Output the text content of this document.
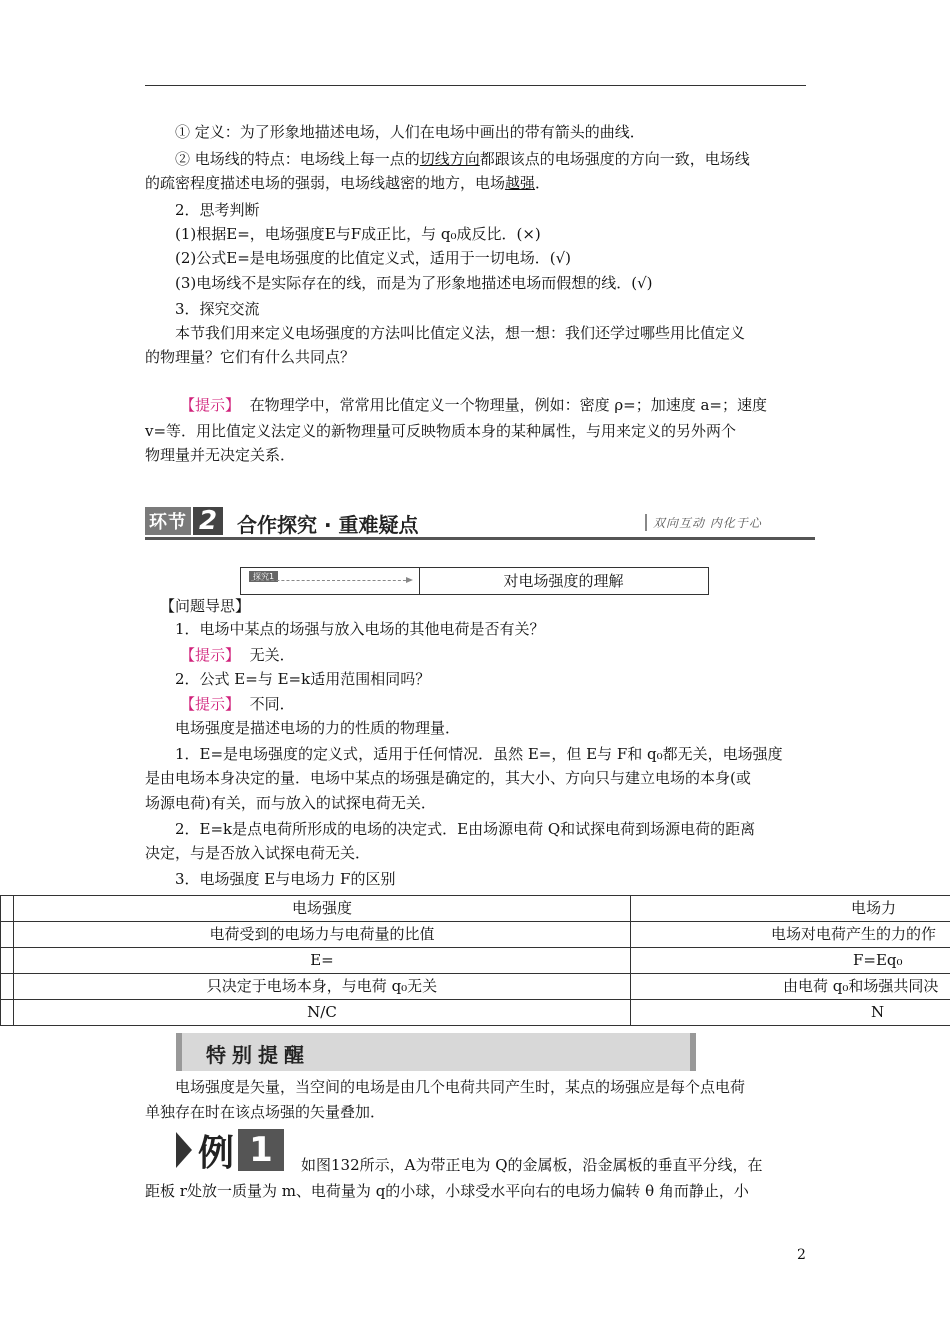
① 定义：为了形象地描述电场，人们在电场中画出的带有箭头的曲线．
② 电场线的特点：电场线上每一点的切线方向都跟该点的电场强度的方向一致，电场线
的疏密程度描述电场的强弱，电场线越密的地方，电场越强．
2．思考判断
(1)根据E=，电场强度E与F成正比，与 q₀成反比．(×)
(2)公式E=是电场强度的比值定义式，适用于一切电场．(√)
(3)电场线不是实际存在的线，而是为了形象地描述电场而假想的线．(√)
3．探究交流
本节我们用来定义电场强度的方法叫比值定义法，想一想：我们还学过哪些用比值定义
的物理量？它们有什么共同点？
【提示】 在物理学中，常常用比值定义一个物理量，例如：密度 ρ=；加速度 a=；速度
v=等．用比值定义法定义的新物理量可反映物质本身的某种属性，与用来定义的另外两个
物理量并无决定关系．
环节 2 合作探究 · 重难疑点	双向互动 内化于心
探究1	对电场强度的理解
【问题导思】
1．电场中某点的场强与放入电场的其他电荷是否有关？
【提示】 无关．
2．公式 E=与 E=k适用范围相同吗？
【提示】 不同．
电场强度是描述电场的力的性质的物理量．
1．E=是电场强度的定义式，适用于任何情况．虽然 E=，但 E与 F和 q₀都无关，电场强度
是由电场本身决定的量．电场中某点的场强是确定的，其大小、方向只与建立电场的本身(或
场源电荷)有关，而与放入的试探电荷无关．
2．E=k是点电荷所形成的电场的决定式．E由场源电荷 Q和试探电荷到场源电荷的距离
决定，与是否放入试探电荷无关．
3．电场强度 E与电场力 F的区别
	电场强度	电场力
	电荷受到的电场力与电荷量的比值	电场对电荷产生的力的作
	E=	F=Eq₀
	只决定于电场本身，与电荷 q₀无关	由电荷 q₀和场强共同决
	N/C	N
特别提醒
电场强度是矢量，当空间的电场是由几个电荷共同产生时，某点的场强应是每个点电荷
单独存在时在该点场强的矢量叠加．
例 1	如图132所示，A为带正电为 Q的金属板，沿金属板的垂直平分线，在
距板 r处放一质量为 m、电荷量为 q的小球，小球受水平向右的电场力偏转 θ 角而静止，小
2
